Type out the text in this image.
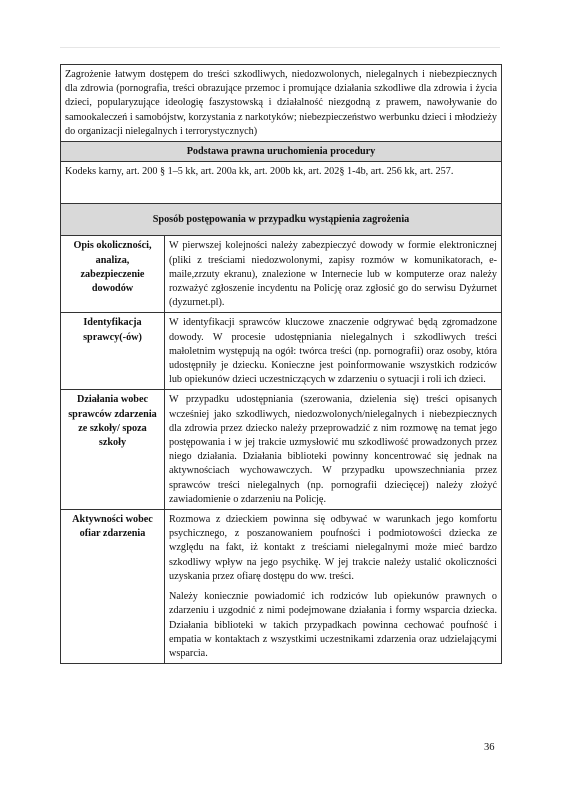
Zagrożenie łatwym dostępem do treści szkodliwych, niedozwolonych, nielegalnych i niebezpiecznych dla zdrowia (pornografia, treści obrazujące przemoc i promujące działania szkodliwe dla zdrowia i życia dzieci, popularyzujące ideologię faszystowską i działalność niezgodną z prawem, nawoływanie do samookaleczeń i samobójstw, korzystania z narkotyków; niebezpieczeństwo werbunku dzieci i młodzieży do organizacji nielegalnych i terrorystycznych)	
Podstawa prawna uruchomienia procedury	
Kodeks karny, art. 200 § 1–5 kk, art. 200a kk, art. 200b kk, art. 202§ 1-4b, art. 256 kk, art. 257.	
Sposób postępowania w przypadku wystąpienia zagrożenia	
Opis okoliczności, analiza, zabezpieczenie dowodów	W pierwszej kolejności należy zabezpieczyć dowody w formie elektronicznej (pliki z treściami niedozwolonymi, zapisy rozmów w komunikatorach, e-maile,zrzuty ekranu), znalezione w Internecie lub w komputerze oraz należy rozważyć zgłoszenie incydentu na Policję oraz zgłosić go do serwisu Dyżurnet (dyzurnet.pl).

Identyfikacja sprawcy(-ów)	W identyfikacji sprawców kluczowe znaczenie odgrywać będą zgromadzone dowody. W procesie udostępniania nielegalnych i szkodliwych treści małoletnim występują na ogół: twórca treści (np. pornografii) oraz osoby, która udostępniły je dziecku. Konieczne jest poinformowanie wszystkich rodziców lub opiekunów dzieci uczestniczących w zdarzeniu o sytuacji i roli ich dzieci.

Działania wobec sprawców zdarzenia ze szkoły/ spoza szkoły	W przypadku udostępniania (szerowania, dzielenia się) treści opisanych wcześniej jako szkodliwych, niedozwolonych/nielegalnych i niebezpiecznych dla zdrowia przez dziecko należy przeprowadzić z nim rozmowę na temat jego postępowania i w jej trakcie uzmysłowić mu szkodliwość prowadzonych przez niego działania. Działania biblioteki powinny koncentrować się jednak na aktywnościach wychowawczych. W przypadku upowszechniania przez sprawców treści nielegalnych (np. pornografii dziecięcej) należy złożyć zawiadomienie o zdarzeniu na Policję.

Aktywności wobec ofiar zdarzenia	Rozmowa z dzieckiem powinna się odbywać w warunkach jego komfortu psychicznego, z poszanowaniem poufności i podmiotowości dziecka ze względu na fakt, iż kontakt z treściami nielegalnymi może mieć bardzo szkodliwy wpływ na jego psychikę. W jej trakcie należy ustalić okoliczności uzyskania przez ofiarę dostępu do ww. treści.

Należy koniecznie powiadomić ich rodziców lub opiekunów prawnych o zdarzeniu i uzgodnić z nimi podejmowane działania i formy wsparcia dziecka. Działania biblioteki w takich przypadkach powinna cechować poufność i empatia w kontaktach z wszystkimi uczestnikami zdarzenia oraz udzielającymi wsparcia.

36
